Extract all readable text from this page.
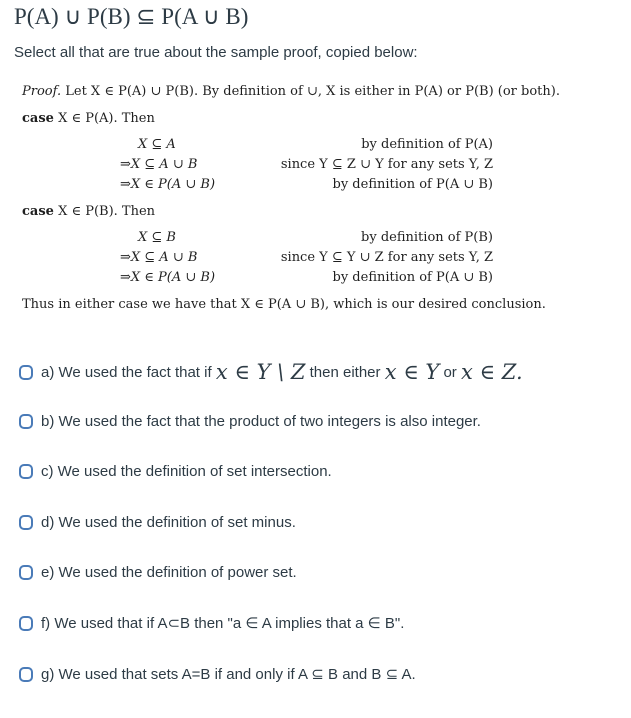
P(A) ∪ P(B) ⊆ P(A ∪ B)
Select all that are true about the sample proof, copied below:
Proof. Let X ∈ P(A) ∪ P(B). By definition of ∪, X is either in P(A) or P(B) (or both).
case X ∈ P(A). Then
X ⊆ A	by definition of P(A)
⇒X ⊆ A ∪ B	since Y ⊆ Z ∪ Y for any sets Y, Z
⇒X ∈ P(A ∪ B)	by definition of P(A ∪ B)
case X ∈ P(B). Then
X ⊆ B	by definition of P(B)
⇒X ⊆ A ∪ B	since Y ⊆ Y ∪ Z for any sets Y, Z
⇒X ∈ P(A ∪ B)	by definition of P(A ∪ B)
Thus in either case we have that X ∈ P(A ∪ B), which is our desired conclusion.
a) We used the fact that if
x ∈ Y \ Z
then either
x ∈ Y
or
x ∈ Z.
b) We used the fact that the product of two integers is also integer.
c) We used the definition of set intersection.
d) We used the definition of set minus.
e) We used the definition of power set.
f) We used that if A⊂B then "a ∈ A implies that a ∈ B".
g) We used that sets A=B if and only if A ⊆ B and B ⊆ A.
